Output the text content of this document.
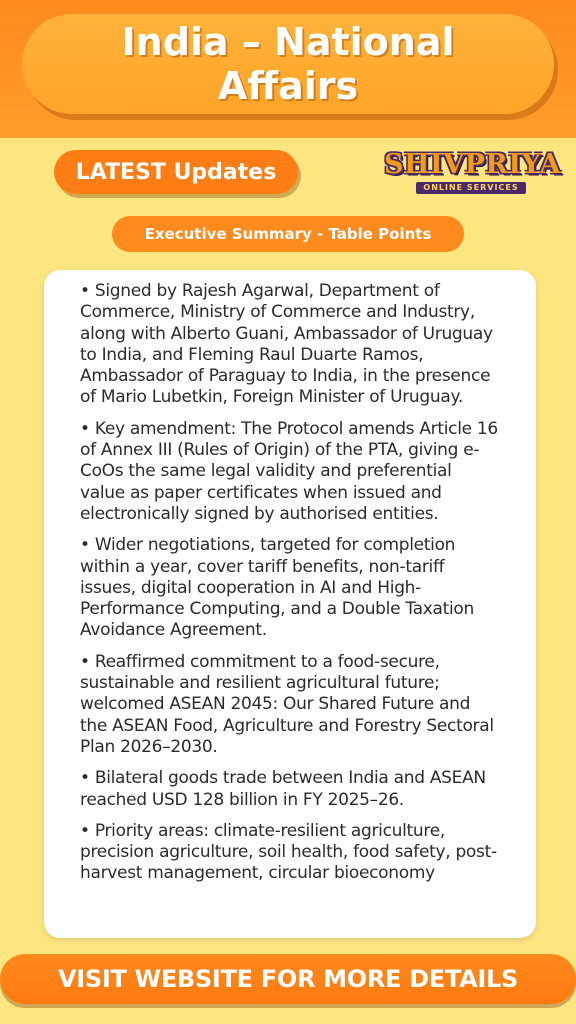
India – National Affairs
LATEST Updates	SHIVPRIYA
ONLINE SERVICES
Executive Summary - Table Points
• Signed by Rajesh Agarwal, Department of Commerce, Ministry of Commerce and Industry, along with Alberto Guani, Ambassador of Uruguay to India, and Fleming Raul Duarte Ramos, Ambassador of Paraguay to India, in the presence of Mario Lubetkin, Foreign Minister of Uruguay.
• Key amendment: The Protocol amends Article 16 of Annex III (Rules of Origin) of the PTA, giving e-CoOs the same legal validity and preferential value as paper certificates when issued and electronically signed by authorised entities.
• Wider negotiations, targeted for completion within a year, cover tariff benefits, non-tariff issues, digital cooperation in AI and High-Performance Computing, and a Double Taxation Avoidance Agreement.
• Reaffirmed commitment to a food-secure, sustainable and resilient agricultural future; welcomed ASEAN 2045: Our Shared Future and the ASEAN Food, Agriculture and Forestry Sectoral Plan 2026–2030.
• Bilateral goods trade between India and ASEAN reached USD 128 billion in FY 2025–26.
• Priority areas: climate-resilient agriculture, precision agriculture, soil health, food safety, post-harvest management, circular bioeconomy
VISIT WEBSITE FOR MORE DETAILS
